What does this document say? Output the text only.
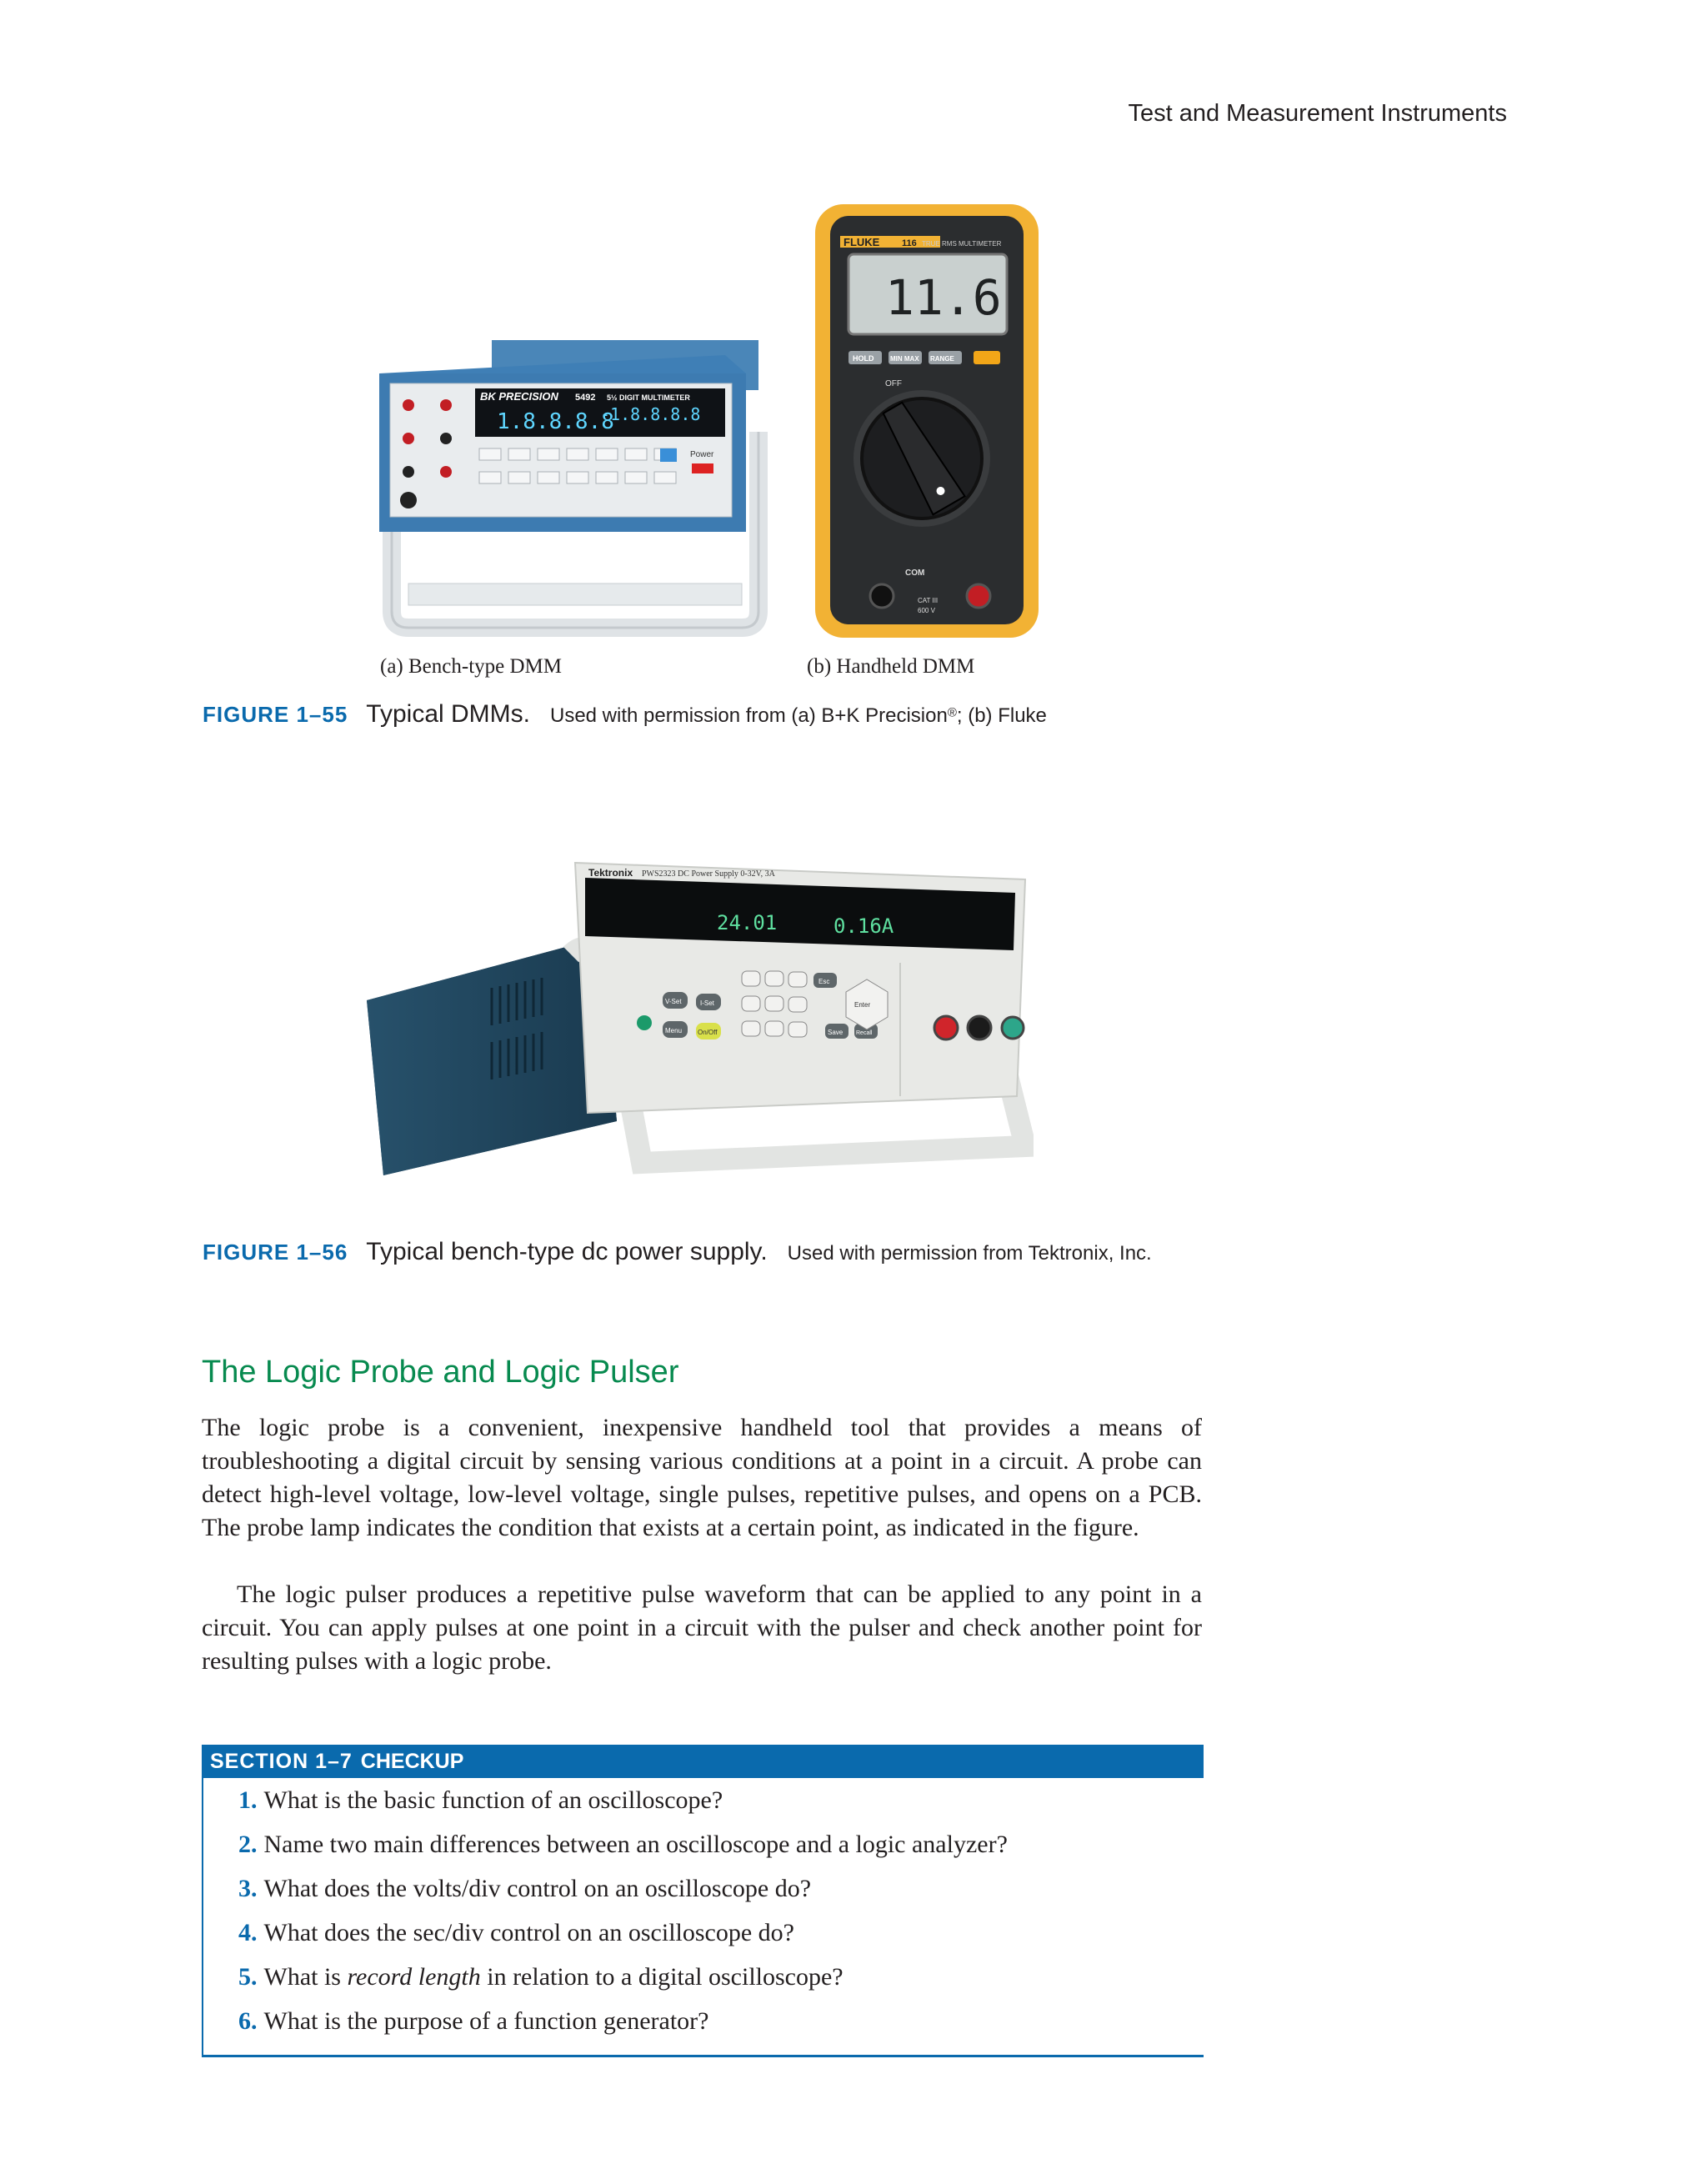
Test and Measurement Instruments
BK PRECISION 5492 5½ DIGIT MULTIMETER
1.8.8.8.8
-1.8.8.8.8
Power
FLUKE 116 TRUE RMS MULTIMETER
11.6
HOLD MIN MAX RANGE
OFF
COM
CAT III
600 V
(a) Bench-type DMM	(b) Handheld DMM
FIGURE 1–55 Typical DMMs. Used with permission from (a) B+K Precision®; (b) Fluke
Tektronix PWS2323 DC Power Supply 0-32V, 3A
24.01	0.16A
V-Set	I-Set
Menu On/Off
Esc
Enter
Save Recall
FIGURE 1–56 Typical bench-type dc power supply. Used with permission from Tektronix, Inc.
The Logic Probe and Logic Pulser

The logic probe is a convenient, inexpensive handheld tool that provides a means of troubleshooting a digital circuit by sensing various conditions at a point in a circuit. A probe can detect high-level voltage, low-level voltage, single pulses, repetitive pulses, and opens on a PCB. The probe lamp indicates the condition that exists at a certain point, as indicated in the figure.

The logic pulser produces a repetitive pulse waveform that can be applied to any point in a circuit. You can apply pulses at one point in a circuit with the pulser and check another point for resulting pulses with a logic probe.

SECTION 1–7 CHECKUP
1. What is the basic function of an oscilloscope?
2. Name two main differences between an oscilloscope and a logic analyzer?
3. What does the volts/div control on an oscilloscope do?
4. What does the sec/div control on an oscilloscope do?
5. What is record length in relation to a digital oscilloscope?
6. What is the purpose of a function generator?
